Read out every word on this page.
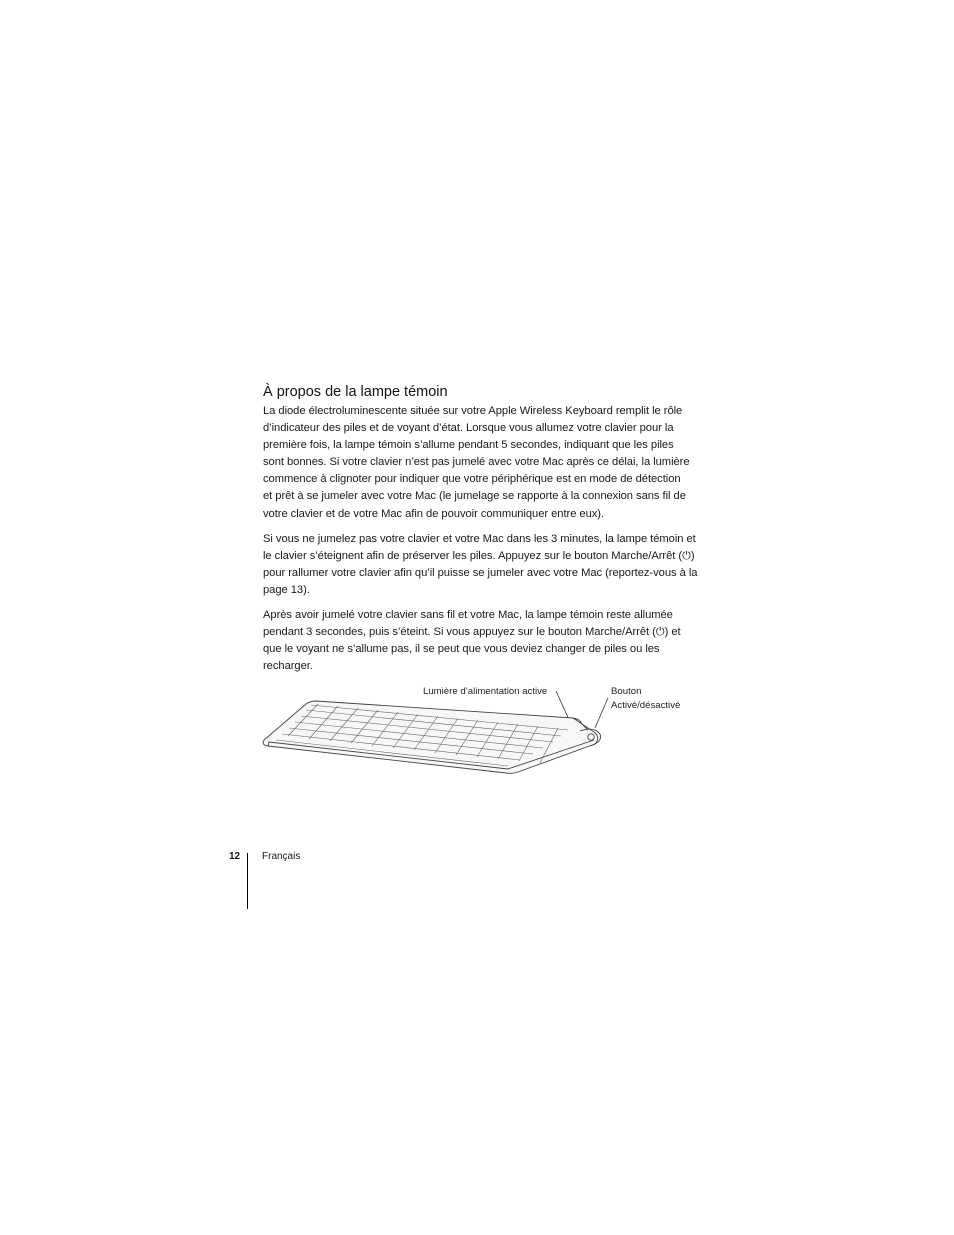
À propos de la lampe témoin

La diode électroluminescente située sur votre Apple Wireless Keyboard remplit le rôle
d’indicateur des piles et de voyant d’état. Lorsque vous allumez votre clavier pour la
première fois, la lampe témoin s’allume pendant 5 secondes, indiquant que les piles
sont bonnes. Si votre clavier n’est pas jumelé avec votre Mac après ce délai, la lumière
commence à clignoter pour indiquer que votre périphérique est en mode de détection
et prêt à se jumeler avec votre Mac (le jumelage se rapporte à la connexion sans fil de
votre clavier et de votre Mac afin de pouvoir communiquer entre eux).

Si vous ne jumelez pas votre clavier et votre Mac dans les 3 minutes, la lampe témoin et
le clavier s’éteignent afin de préserver les piles. Appuyez sur le bouton Marche/Arrêt (⏻)
pour rallumer votre clavier afin qu’il puisse se jumeler avec votre Mac (reportez-vous à la
page 13).

Après avoir jumelé votre clavier sans fil et votre Mac, la lampe témoin reste allumée
pendant 3 secondes, puis s’éteint. Si vous appuyez sur le bouton Marche/Arrêt (⏻) et
que le voyant ne s’allume pas, il se peut que vous deviez changer de piles ou les
recharger.

Lumière d’alimentation active	Bouton
Activé/désactivé
12 Français
